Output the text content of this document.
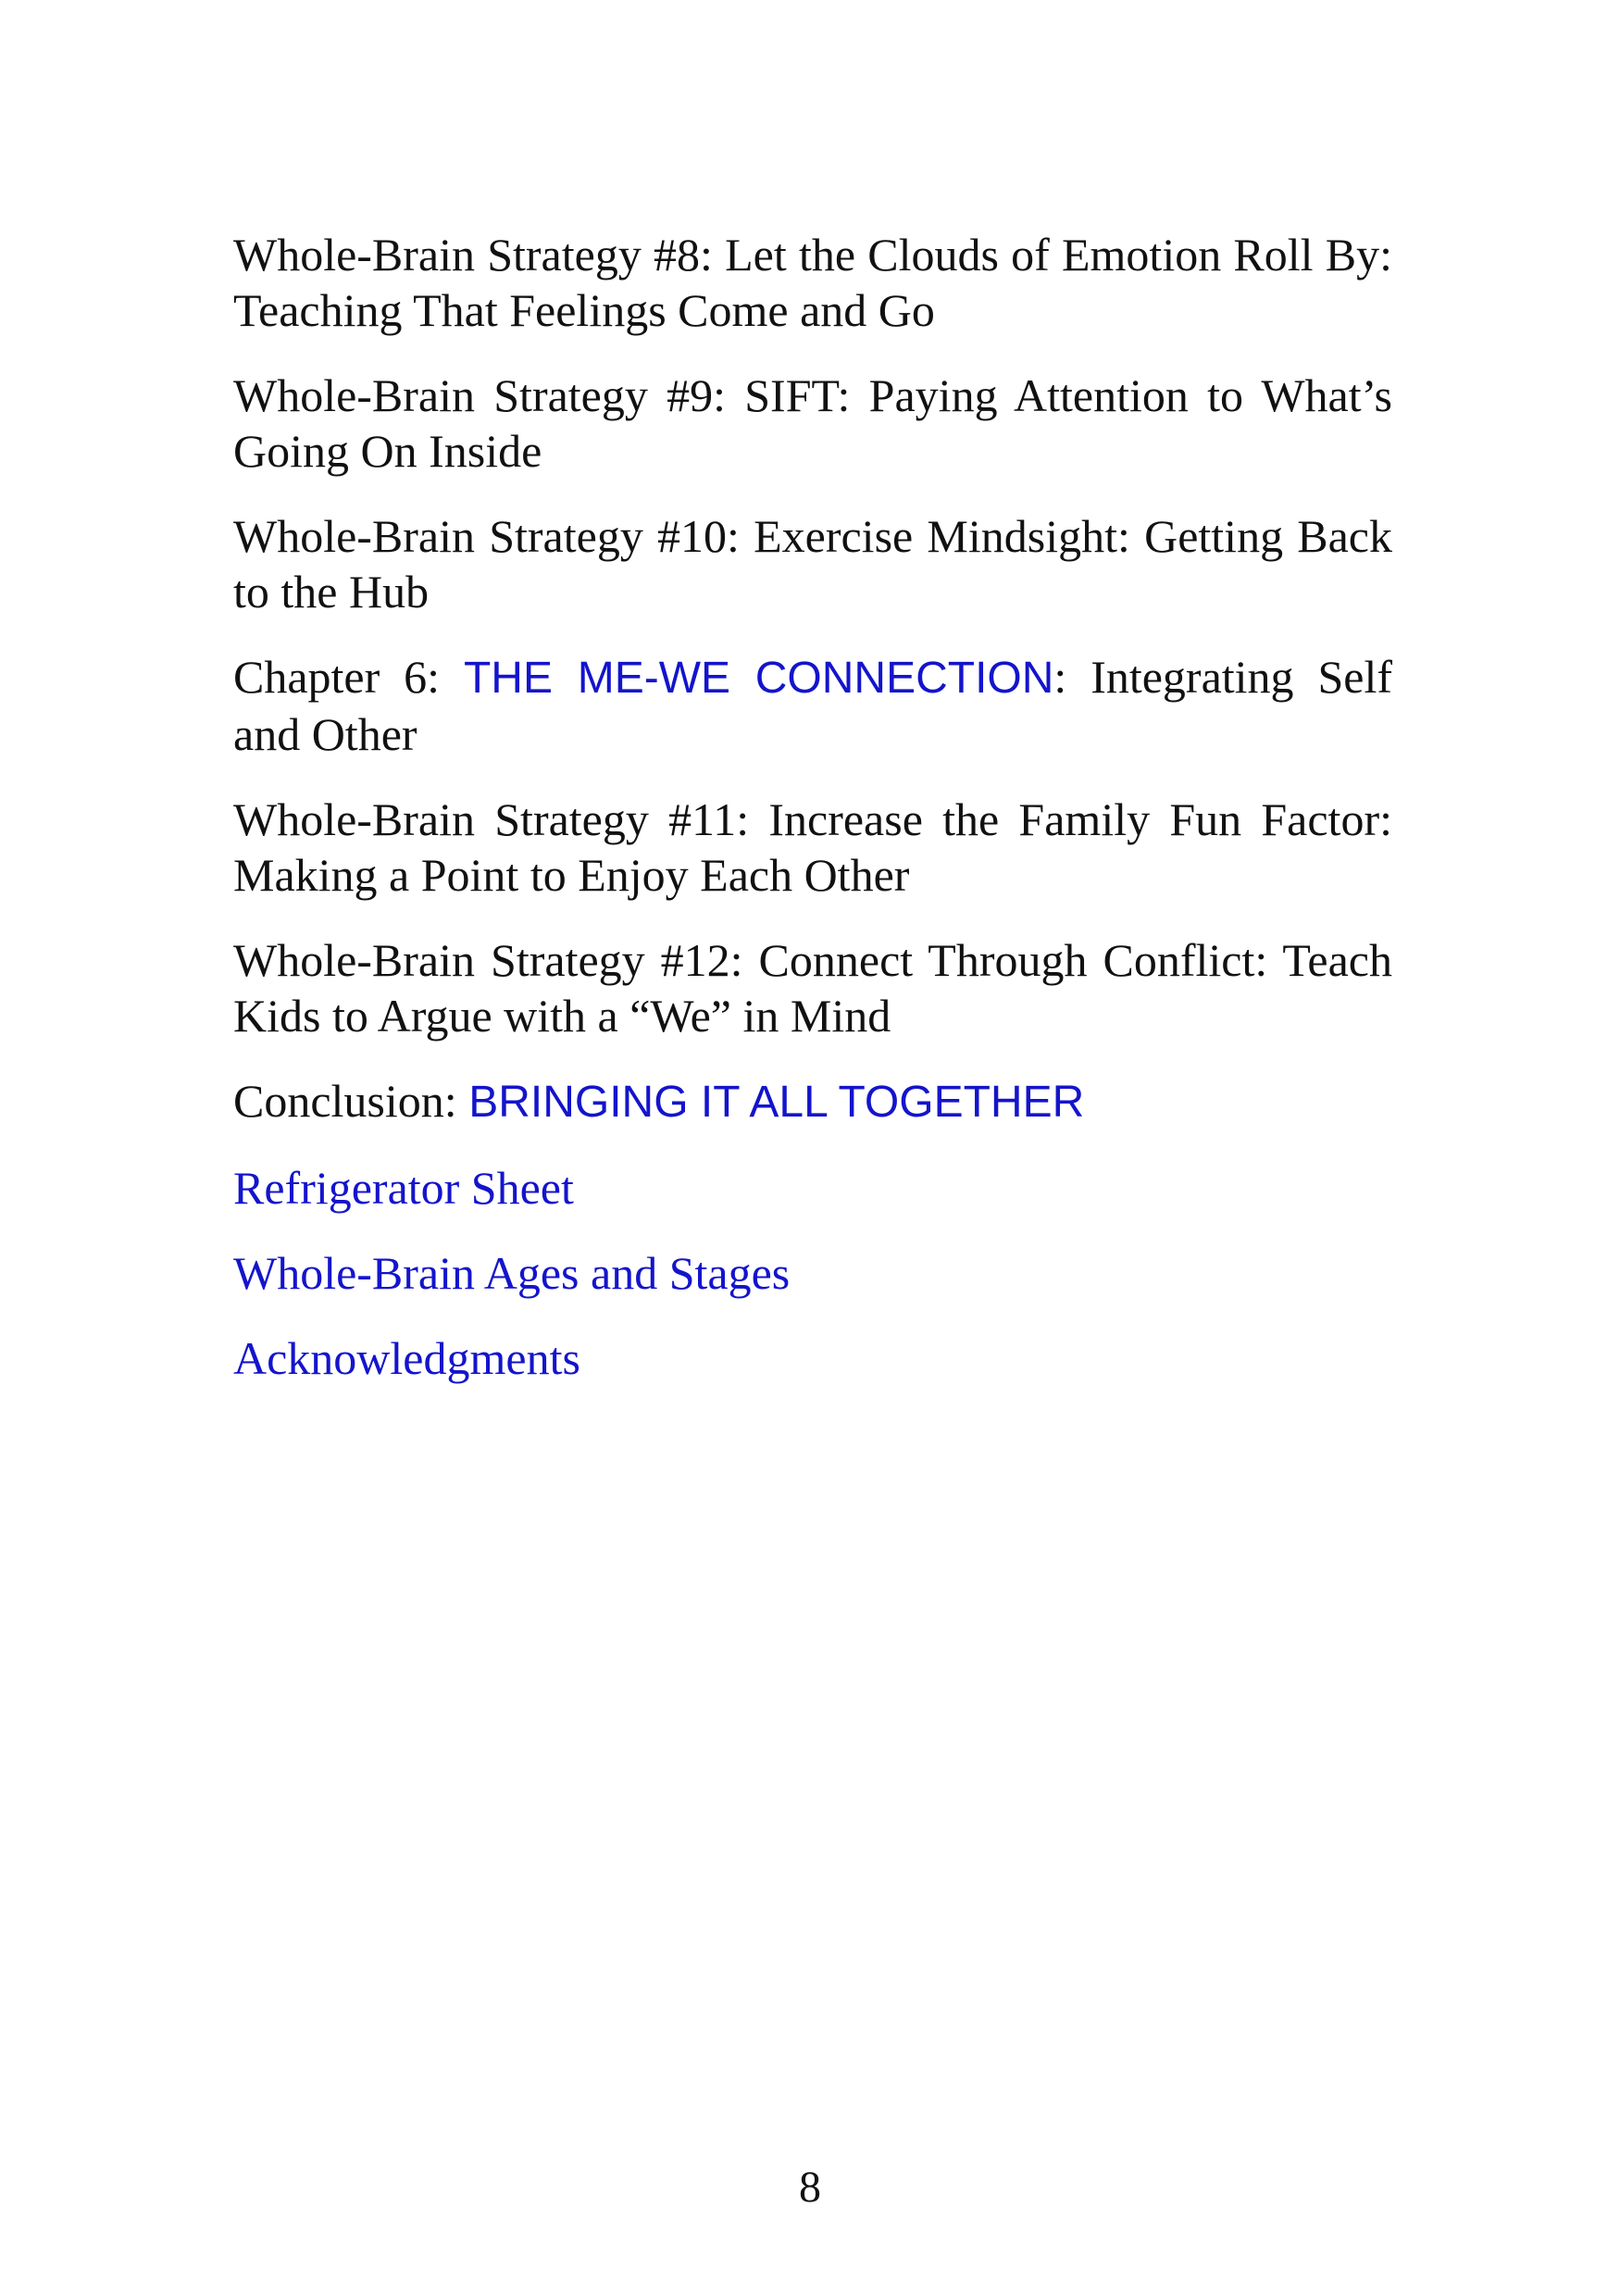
Whole-Brain Strategy #8: Let the Clouds of Emotion Roll By: Teaching That Feelings Come and Go

Whole-Brain Strategy #9: SIFT: Paying Attention to What’s Going On Inside

Whole-Brain Strategy #10: Exercise Mindsight: Getting Back to the Hub

Chapter 6: THE ME-WE CONNECTION: Integrating Self and Other

Whole-Brain Strategy #11: Increase the Family Fun Factor: Making a Point to Enjoy Each Other

Whole-Brain Strategy #12: Connect Through Conflict: Teach Kids to Argue with a “We” in Mind

Conclusion: BRINGING IT ALL TOGETHER

Refrigerator Sheet

Whole-Brain Ages and Stages

Acknowledgments

8
